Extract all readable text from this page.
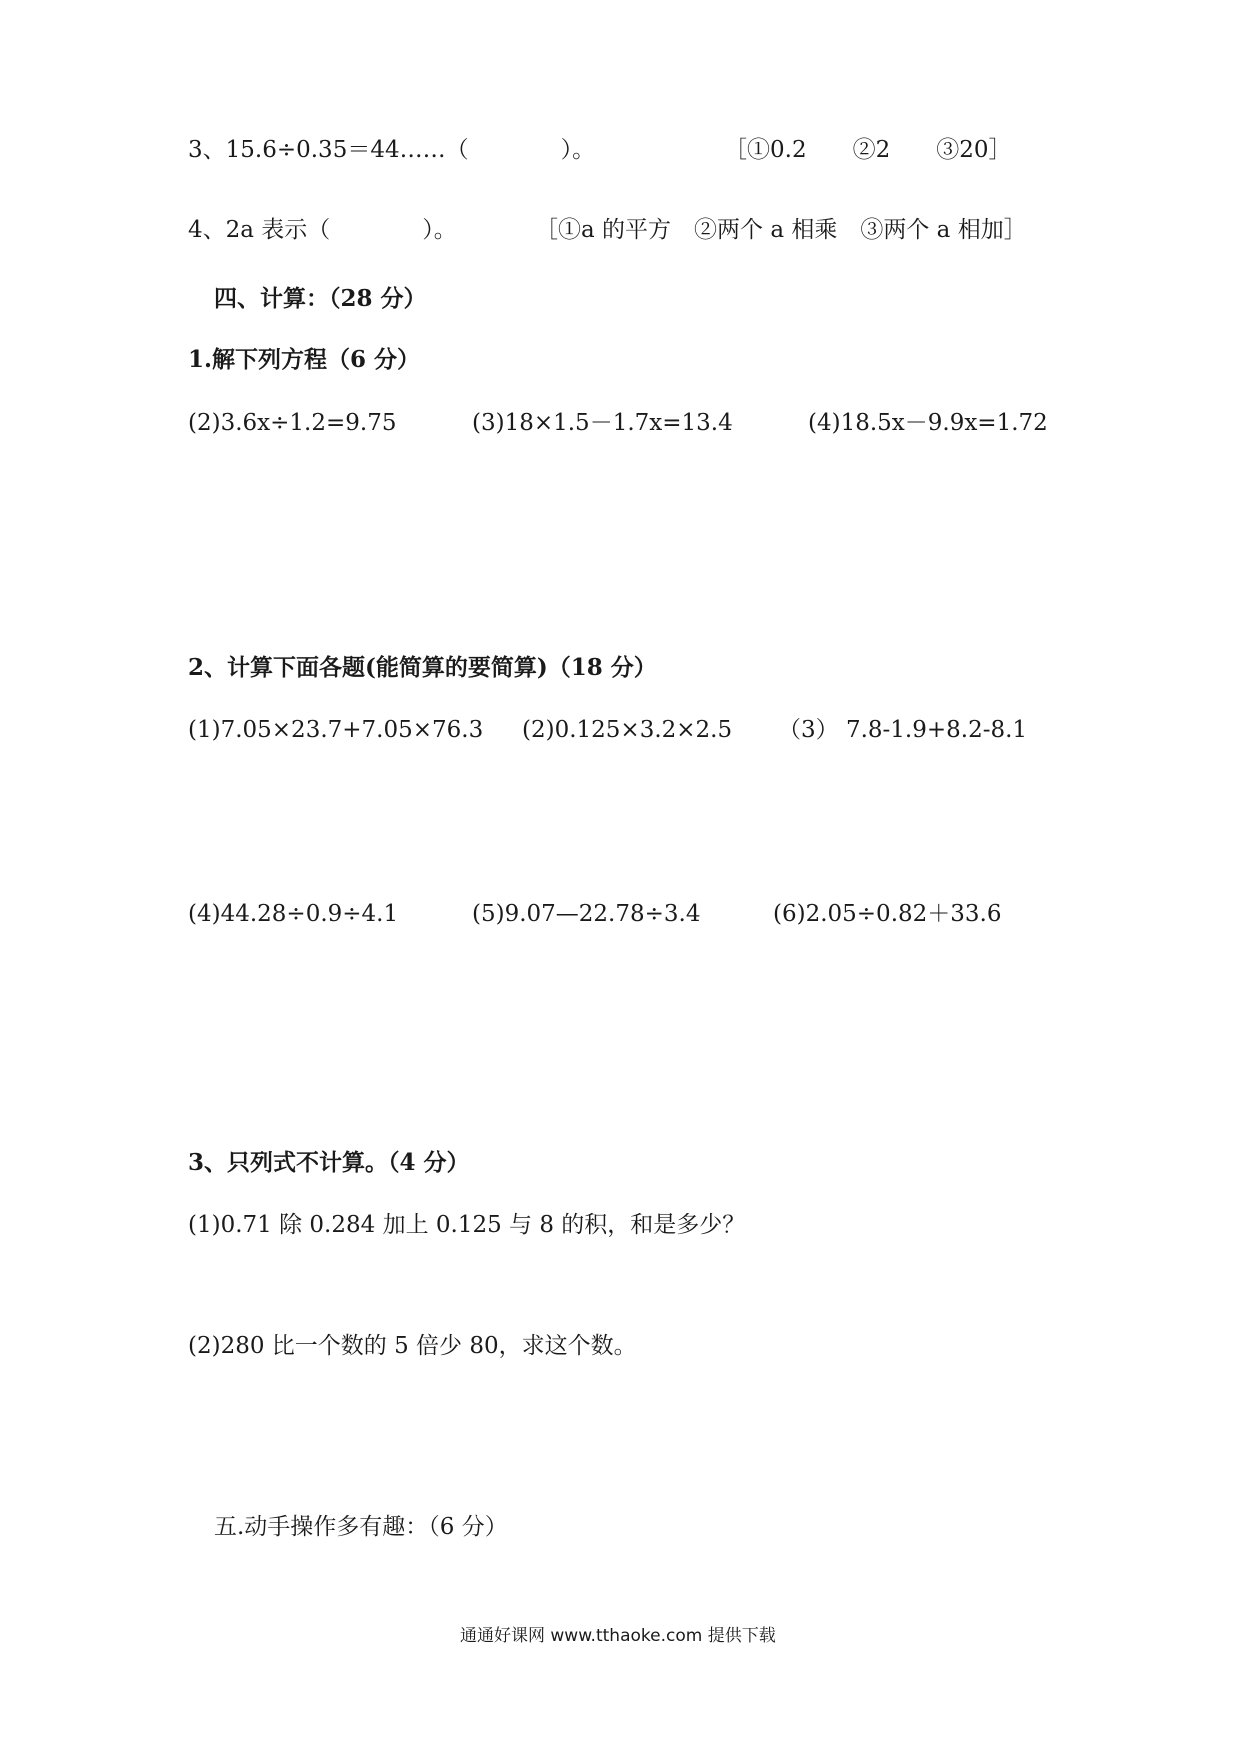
3、15.6÷0.35＝44……（　　　　）。	［①0.2　　②2　　③20］
4、2a 表示（　　　　）。	［①a 的平方　②两个 a 相乘　③两个 a 相加］
四、计算：（28 分）
1.解下列方程（6 分）
(2)3.6x÷1.2=9.75	(3)18×1.5－1.7x=13.4	(4)18.5x－9.9x=1.72
2、计算下面各题(能简算的要简算)（18 分）
(1)7.05×23.7+7.05×76.3 (2)0.125×3.2×2.5 （3） 7.8-1.9+8.2-8.1
(4)44.28÷0.9÷4.1	(5)9.07—22.78÷3.4	(6)2.05÷0.82＋33.6
3、只列式不计算。（4 分）
(1)0.71 除 0.284 加上 0.125 与 8 的积，和是多少？
(2)280 比一个数的 5 倍少 80，求这个数。
五.动手操作多有趣：（6 分）
通通好课网 www.tthaoke.com 提供下载
